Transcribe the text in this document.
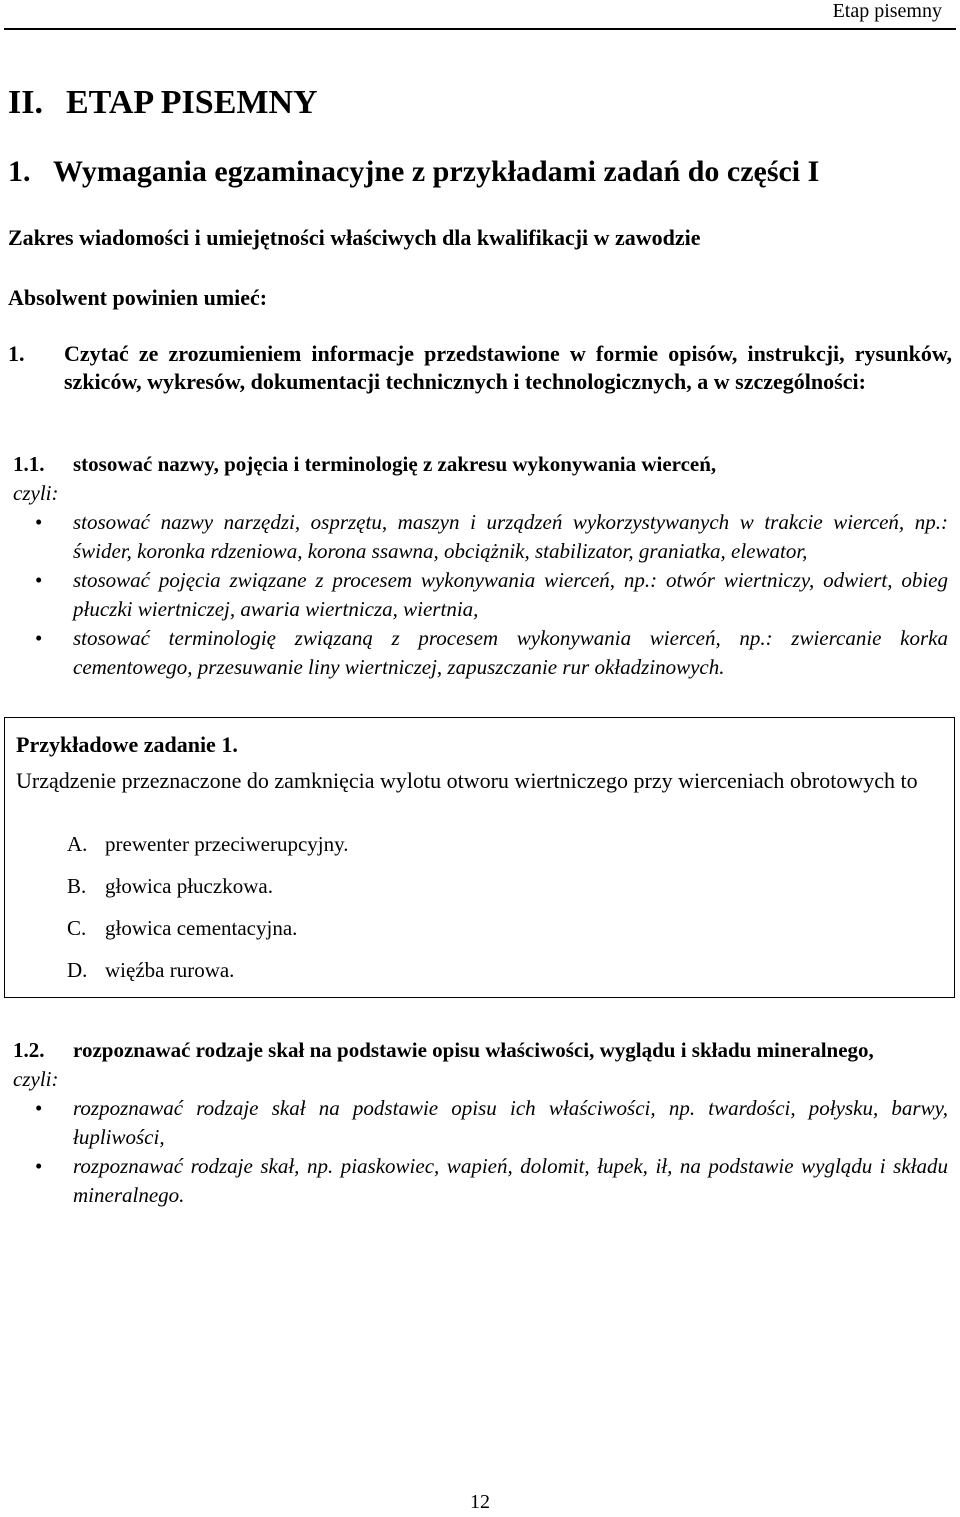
Etap pisemny
II. ETAP PISEMNY
1. Wymagania egzaminacyjne z przykładami zadań do części I
Zakres wiadomości i umiejętności właściwych dla kwalifikacji w zawodzie
Absolwent powinien umieć:
1. Czytać ze zrozumieniem informacje przedstawione w formie opisów, instrukcji, rysunków, szkiców, wykresów, dokumentacji technicznych i technologicznych, a w szczególności:
1.1. stosować nazwy, pojęcia i terminologię z zakresu wykonywania wierceń,
czyli:
• stosować nazwy narzędzi, osprzętu, maszyn i urządzeń wykorzystywanych w trakcie wierceń, np.: świder, koronka rdzeniowa, korona ssawna, obciążnik, stabilizator, graniatka, elewator,
• stosować pojęcia związane z procesem wykonywania wierceń, np.: otwór wiertniczy, odwiert, obieg płuczki wiertniczej, awaria wiertnicza, wiertnia,
• stosować terminologię związaną z procesem wykonywania wierceń, np.: zwiercanie korka cementowego, przesuwanie liny wiertniczej, zapuszczanie rur okładzinowych.
Przykładowe zadanie 1.
Urządzenie przeznaczone do zamknięcia wylotu otworu wiertniczego przy wierceniach obrotowych to
A. prewenter przeciwerupcyjny.
B. głowica płuczkowa.
C. głowica cementacyjna.
D. więźba rurowa.
1.2. rozpoznawać rodzaje skał na podstawie opisu właściwości, wyglądu i składu mineralnego,
czyli:
• rozpoznawać rodzaje skał na podstawie opisu ich właściwości, np. twardości, połysku, barwy, łupliwości,
• rozpoznawać rodzaje skał, np. piaskowiec, wapień, dolomit, łupek, ił, na podstawie wyglądu i składu mineralnego.
12
